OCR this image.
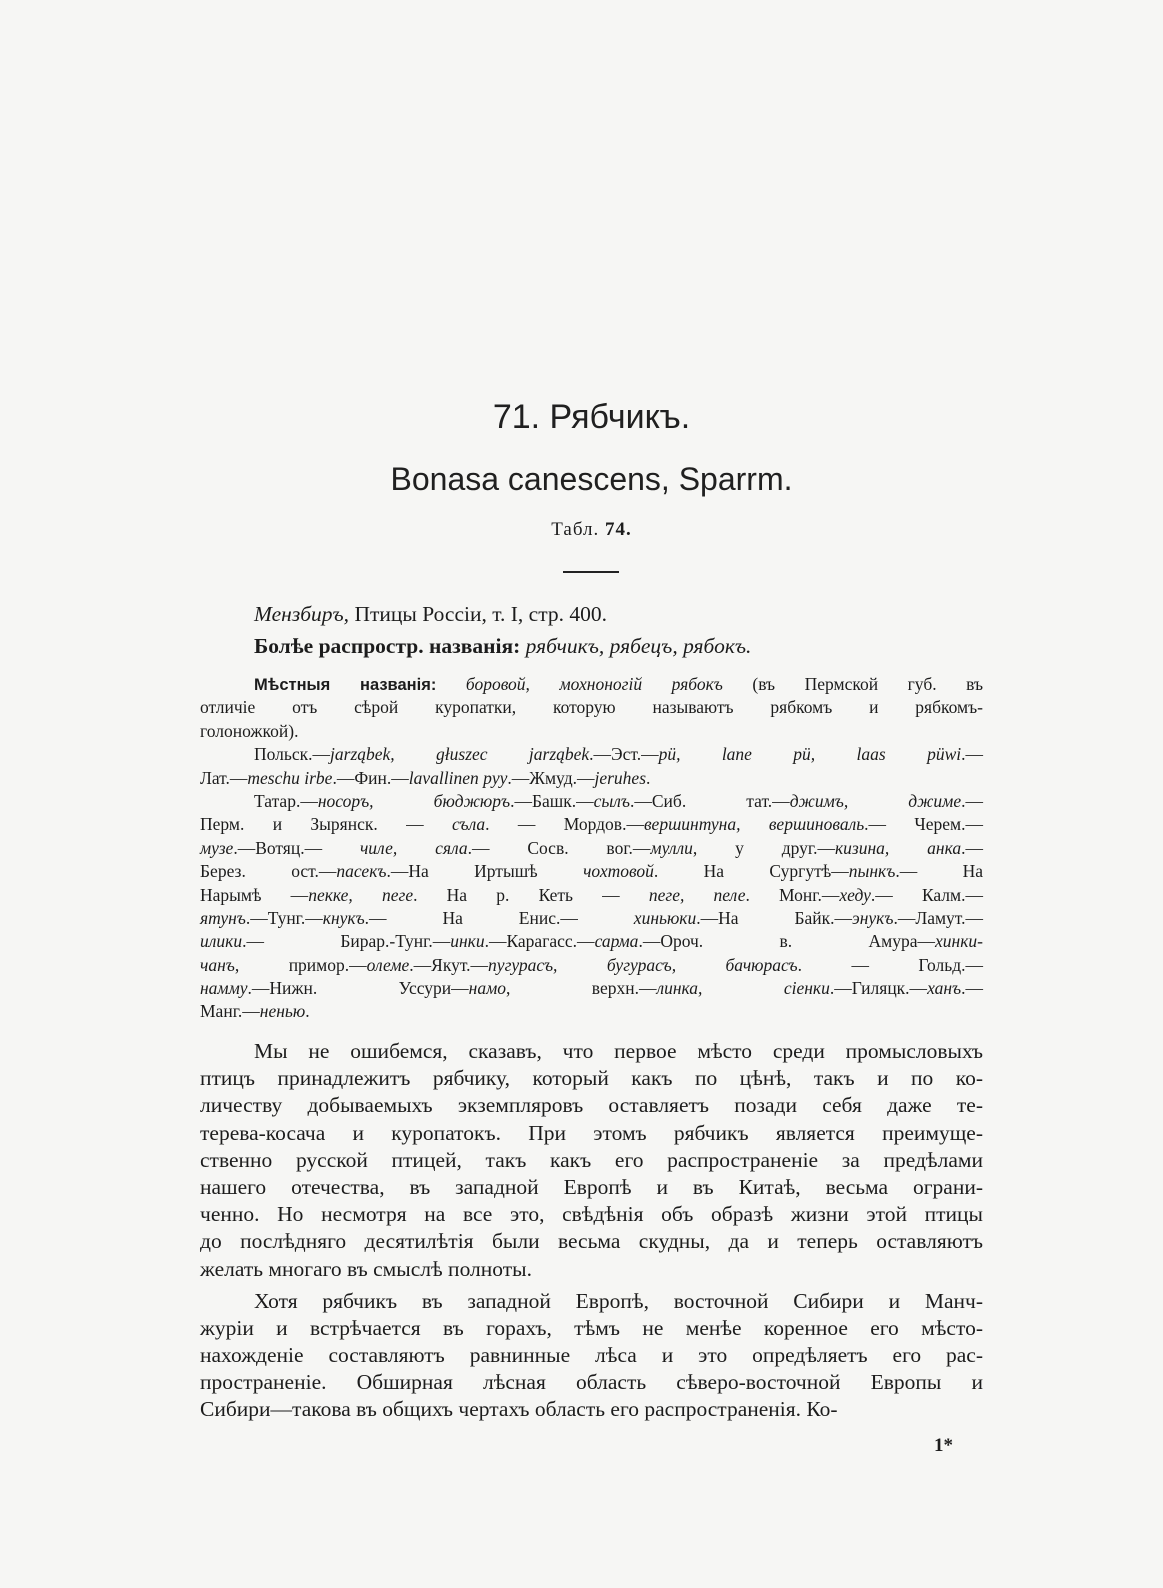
71. Рябчикъ.
Bonasa canescens, Sparrm.
Табл. 74.
Мензбиръ, Птицы Россіи, т. I, стр. 400.
Болѣе распростр. названія: рябчикъ, рябецъ, рябокъ.
Мѣстныя названія: боровой, мохноногій рябокъ (въ Пермской губ. въ
отличіе отъ сѣрой куропатки, которую называютъ рябкомъ и рябкомъ-
голоножкой).
Польск.—jarząbek, głuszec jarząbek.—Эст.—pü, lane pü, laas püwi.—
Лат.—meschu irbe.—Фин.—lavallinen pyy.—Жмуд.—jeruhes.
Татар.—носоръ, бюджюръ.—Башк.—сылъ.—Сиб. тат.—джимъ, джиме.—
Перм. и Зырянск. — съла. — Мордов.—вершинтуна, вершиноваль.— Черем.—
музе.—Вотяц.— чиле, сяла.— Сосв. вог.—мулли, у друг.—кизина, анка.—
Берез. ост.—пасекъ.—На Иртышѣ чохтовой. На Сургутѣ—пынкъ.— На
Нарымѣ —пекке, пеге. На р. Кеть — пеге, пеле. Монг.—хеду.— Калм.—
ятунъ.—Тунг.—кнукъ.— На Енис.— хиньюки.—На Байк.—энукъ.—Ламут.—
илики.— Бирар.-Тунг.—инки.—Карагасс.—сарма.—Ороч. в. Амура—хинки-
чанъ, примор.—олеме.—Якут.—пугурасъ, бугурасъ, бачюрасъ. — Гольд.—
намму.—Нижн. Уссури—намо, верхн.—линка, сіенки.—Гиляцк.—ханъ.—
Манг.—ненью.
Мы не ошибемся, сказавъ, что первое мѣсто среди промысловыхъ
птицъ принадлежитъ рябчику, который какъ по цѣнѣ, такъ и по ко-
личеству добываемыхъ экземпляровъ оставляетъ позади себя даже те-
терева-косача и куропатокъ. При этомъ рябчикъ является преимуще-
ственно русской птицей, такъ какъ его распространеніе за предѣлами
нашего отечества, въ западной Европѣ и въ Китаѣ, весьма ограни-
ченно. Но несмотря на все это, свѣдѣнія объ образѣ жизни этой птицы
до послѣдняго десятилѣтія были весьма скудны, да и теперь оставляютъ
желать многаго въ смыслѣ полноты.
Хотя рябчикъ въ западной Европѣ, восточной Сибири и Манч-
журіи и встрѣчается въ горахъ, тѣмъ не менѣе коренное его мѣсто-
нахожденіе составляютъ равнинные лѣса и это опредѣляетъ его рас-
пространеніе. Обширная лѣсная область сѣверо-восточной Европы и
Сибири—такова въ общихъ чертахъ область его распространенія. Ко-
1*
